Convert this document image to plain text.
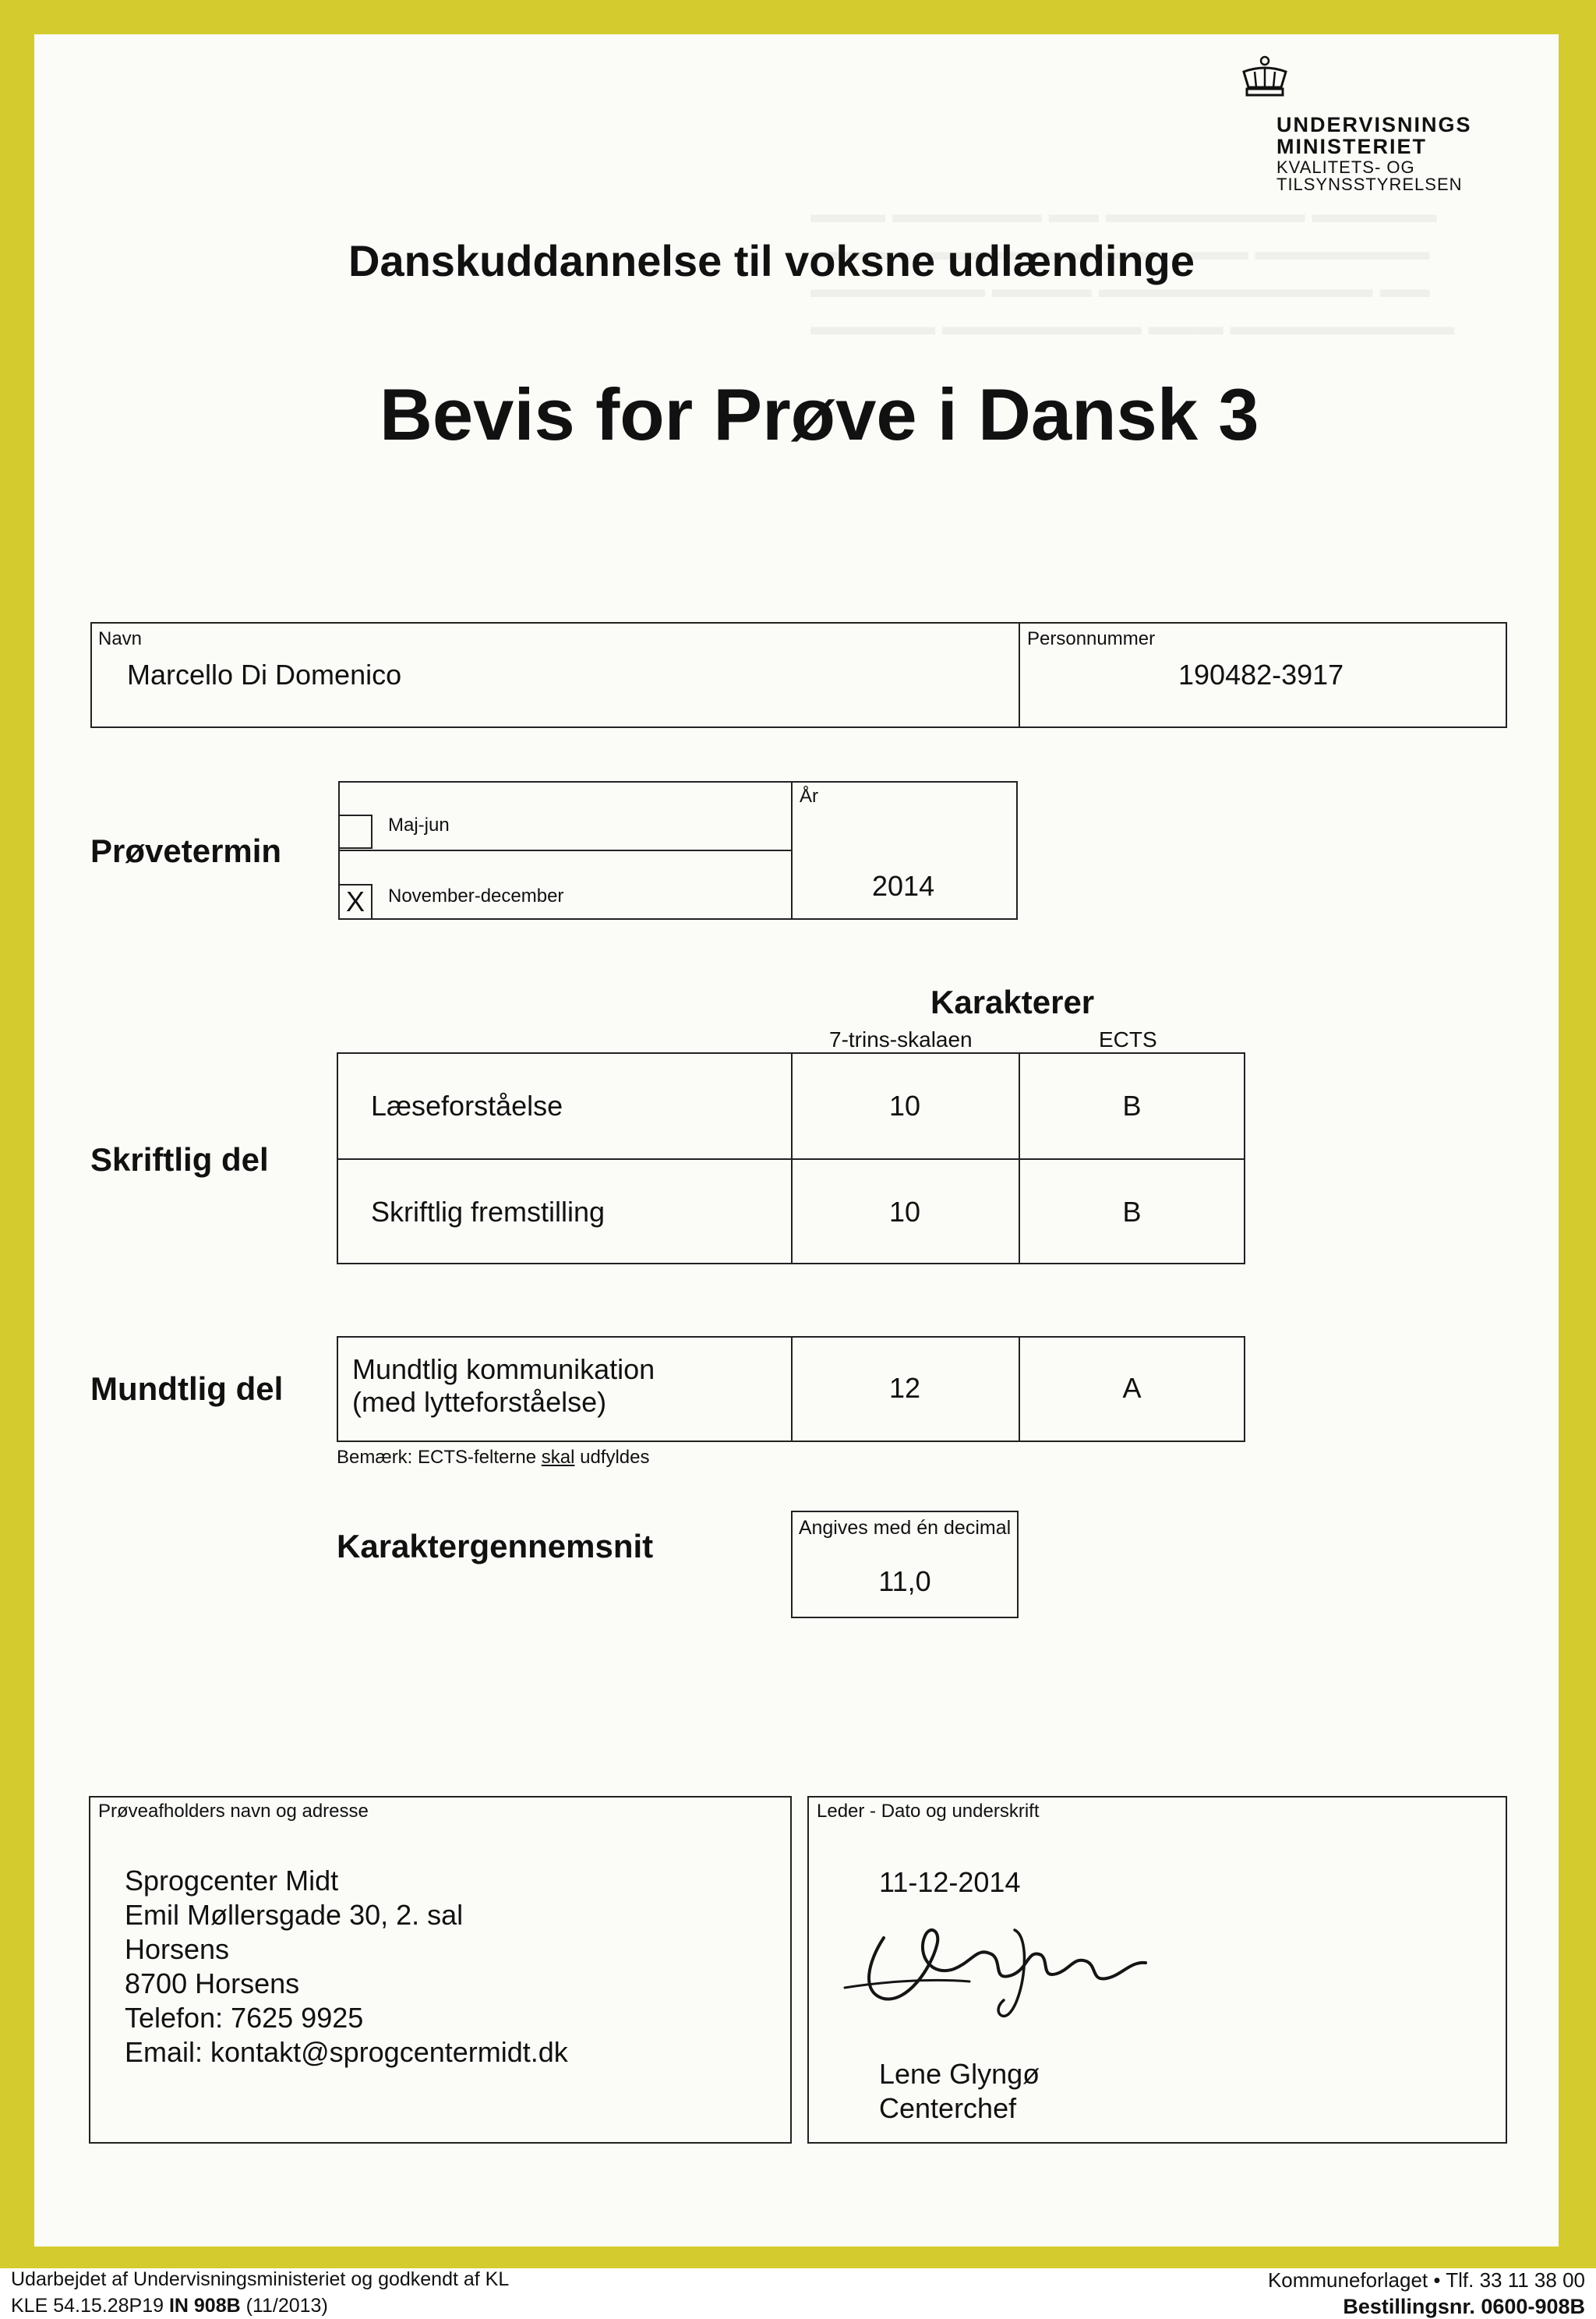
UNDERVISNINGS
MINISTERIET
KVALITETS- OG
TILSYNSSTYRELSEN
Danskuddannelse til voksne udlændinge
Bevis for Prøve i Dansk 3
Navn
Marcello Di Domenico
Personnummer
190482-3917
Prøvetermin
Maj-jun
X	November-december
År
2014
Karakterer
7-trins-skalaen	ECTS
Skriftlig del
Læseforståelse	10	B
Skriftlig fremstilling	10	B
Mundtlig del
Mundtlig kommunikation
(med lytteforståelse)	12	A
Bemærk: ECTS-felterne skal udfyldes
Karaktergennemsnit	Angives med én decimal
11,0
Prøveafholders navn og adresse
Sprogcenter Midt
Emil Møllersgade 30, 2. sal
Horsens
8700 Horsens
Telefon: 7625 9925
Email: kontakt@sprogcentermidt.dk
Leder - Dato og underskrift
11-12-2014
Lene Glyngø
Centerchef
Udarbejdet af Undervisningsministeriet og godkendt af KL
KLE 54.15.28P19 IN 908B (11/2013)
Kommuneforlaget • Tlf. 33 11 38 00
Bestillingsnr. 0600-908B
